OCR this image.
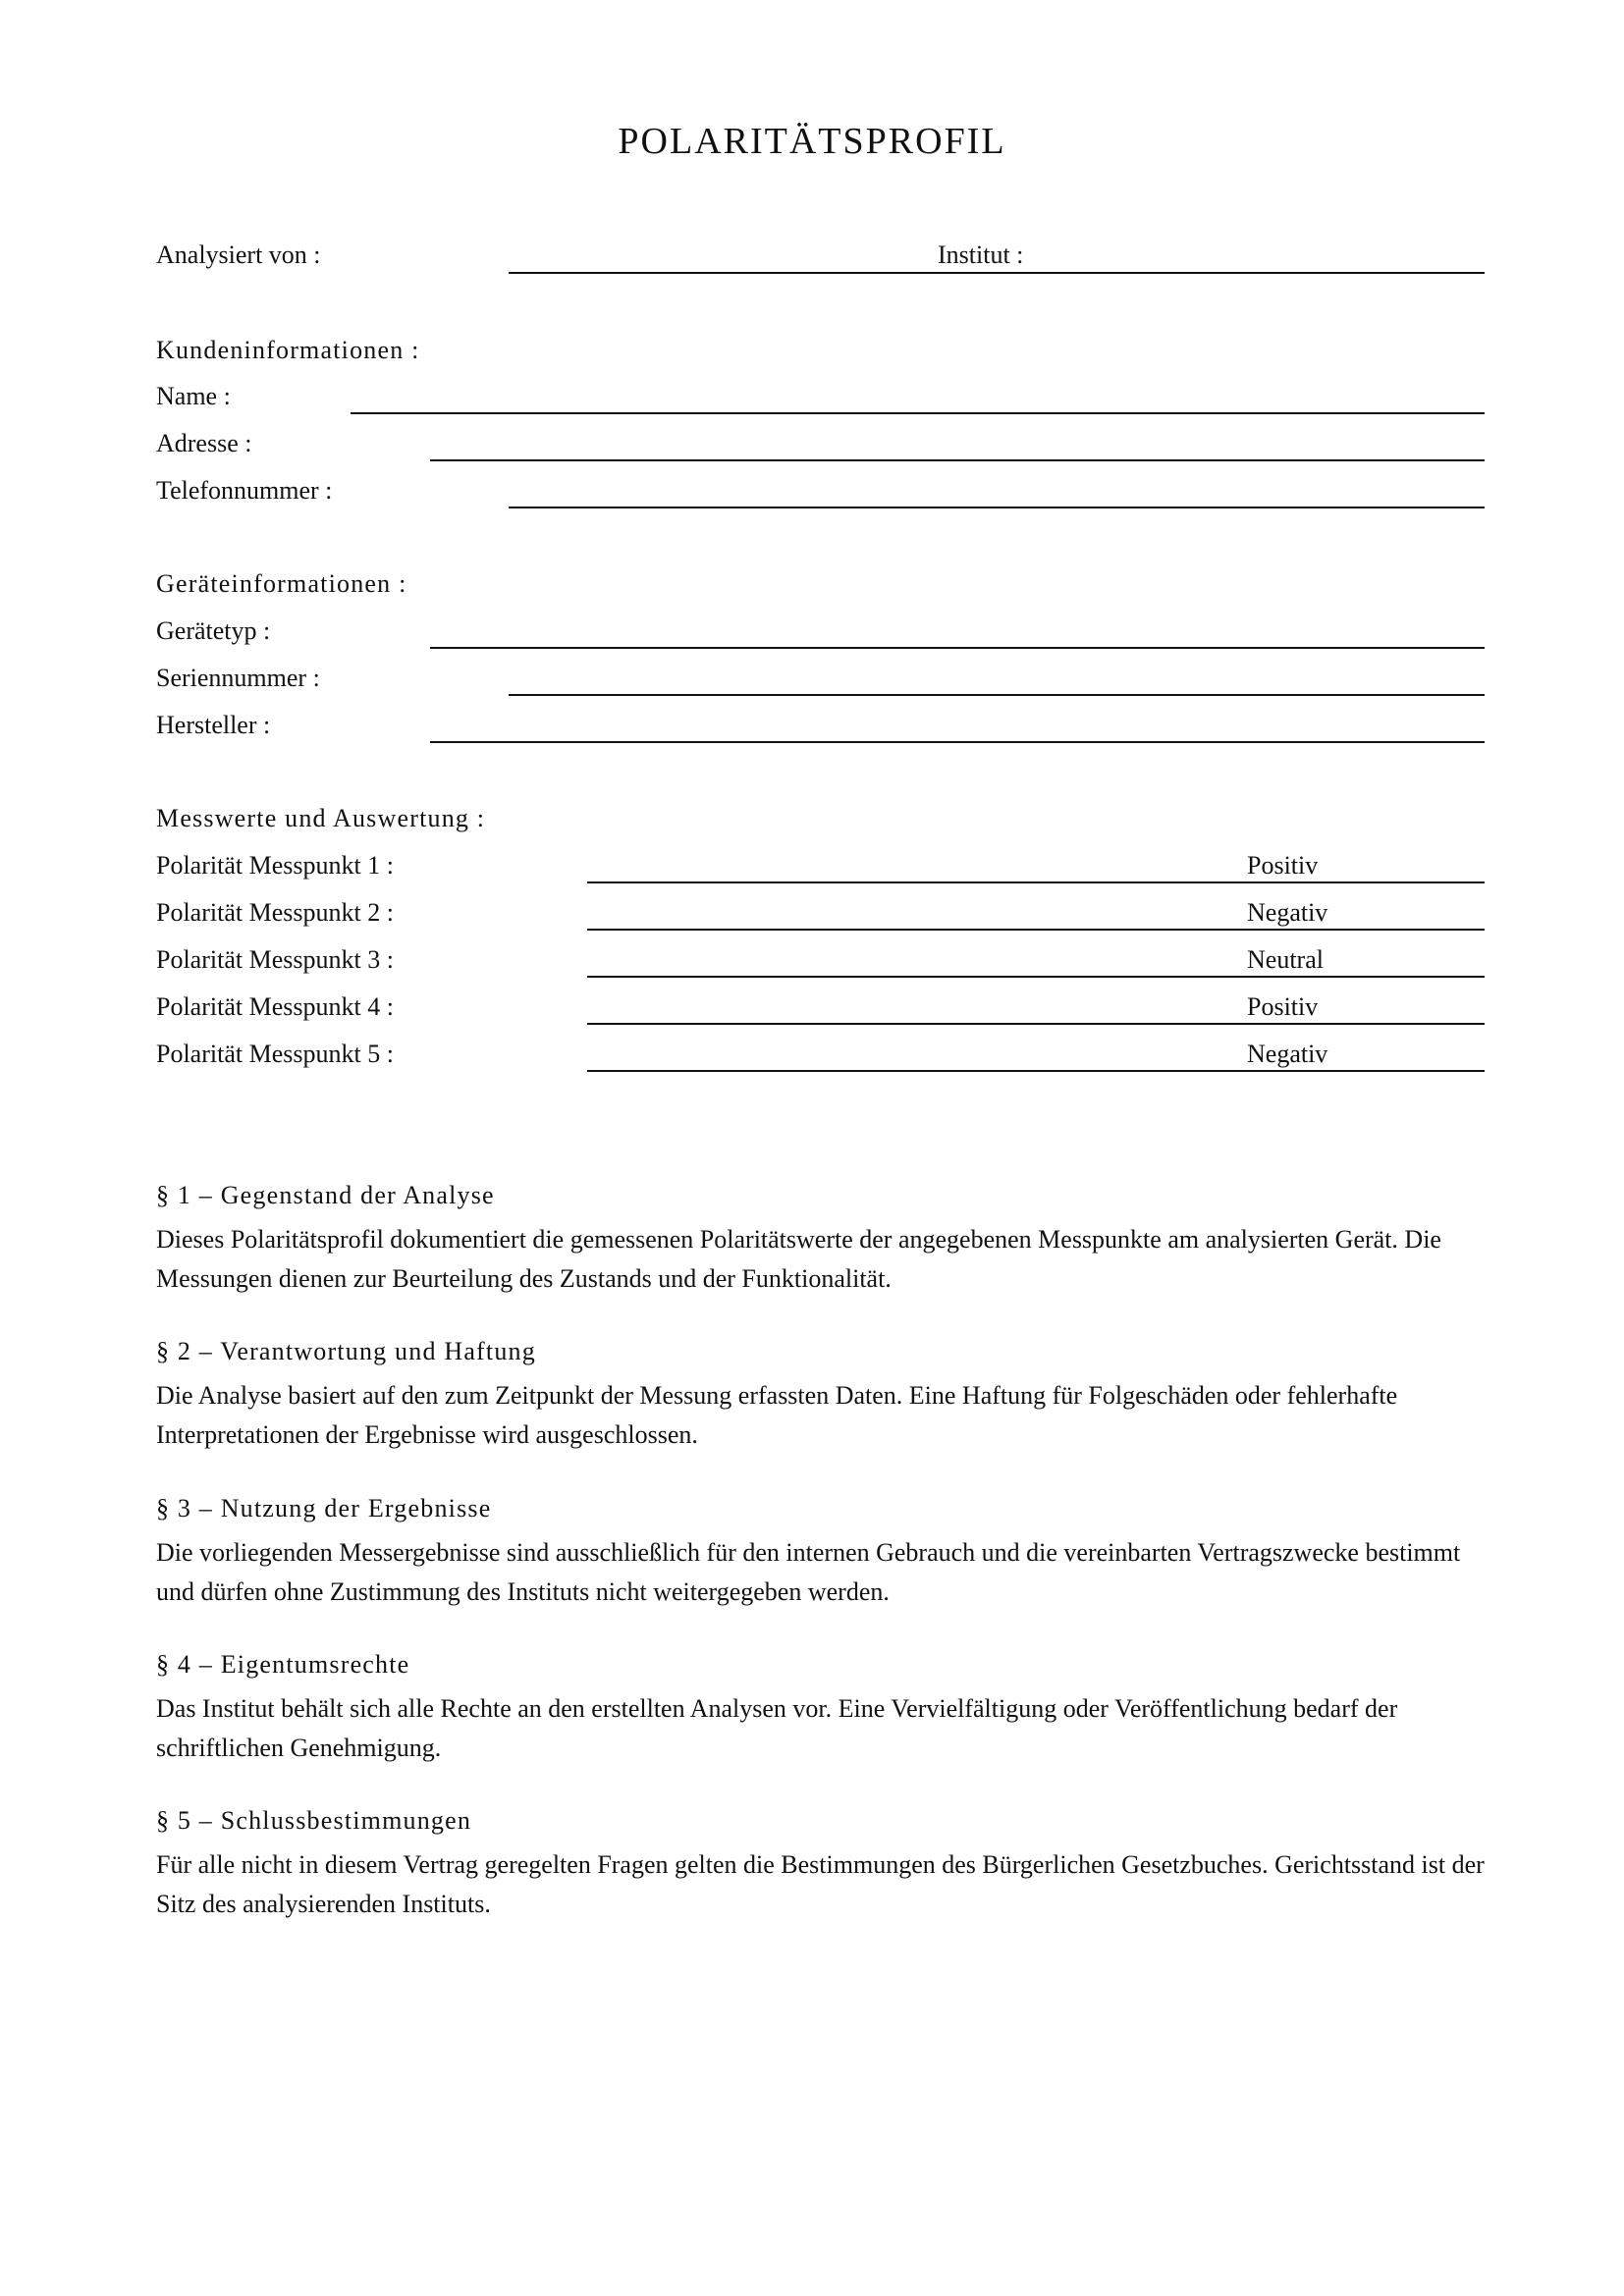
POLARITÄTSPROFIL
Analysiert von :	Institut :
Kundeninformationen :
Name :
Adresse :
Telefonnummer :
Geräteinformationen :
Gerätetyp :
Seriennummer :
Hersteller :
Messwerte und Auswertung :
Polarität Messpunkt 1 :	Positiv
Polarität Messpunkt 2 :	Negativ
Polarität Messpunkt 3 :	Neutral
Polarität Messpunkt 4 :	Positiv
Polarität Messpunkt 5 :	Negativ
§ 1 – Gegenstand der Analyse
Dieses Polaritätsprofil dokumentiert die gemessenen Polaritätswerte der angegebenen Messpunkte am analysierten Gerät. Die Messungen dienen zur Beurteilung des Zustands und der Funktionalität.
§ 2 – Verantwortung und Haftung
Die Analyse basiert auf den zum Zeitpunkt der Messung erfassten Daten. Eine Haftung für Folgeschäden oder fehlerhafte Interpretationen der Ergebnisse wird ausgeschlossen.
§ 3 – Nutzung der Ergebnisse
Die vorliegenden Messergebnisse sind ausschließlich für den internen Gebrauch und die vereinbarten Vertragszwecke bestimmt und dürfen ohne Zustimmung des Instituts nicht weitergegeben werden.
§ 4 – Eigentumsrechte
Das Institut behält sich alle Rechte an den erstellten Analysen vor. Eine Vervielfältigung oder Veröffentlichung bedarf der schriftlichen Genehmigung.
§ 5 – Schlussbestimmungen
Für alle nicht in diesem Vertrag geregelten Fragen gelten die Bestimmungen des Bürgerlichen Gesetzbuches. Gerichtsstand ist der Sitz des analysierenden Instituts.
